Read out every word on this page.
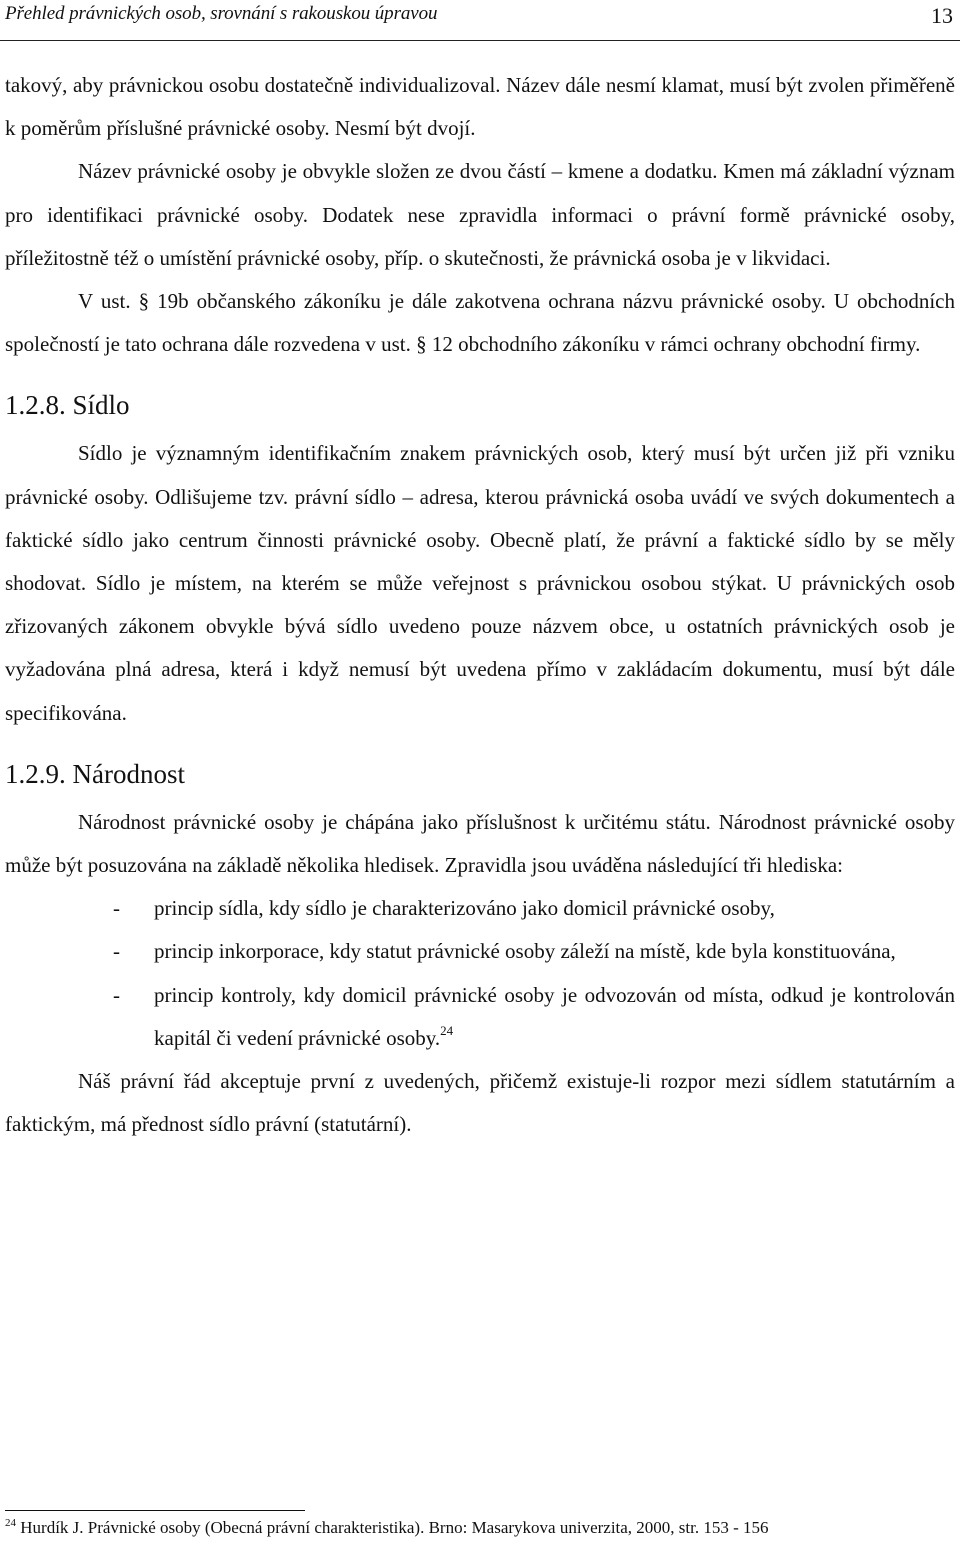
Přehled právnických osob, srovnání s rakouskou úpravou	13

takový, aby právnickou osobu dostatečně individualizoval. Název dále nesmí klamat, musí být zvolen přiměřeně k poměrům příslušné právnické osoby. Nesmí být dvojí.

Název právnické osoby je obvykle složen ze dvou částí – kmene a dodatku. Kmen má základní význam pro identifikaci právnické osoby. Dodatek nese zpravidla informaci o právní formě právnické osoby, příležitostně též o umístění právnické osoby, příp. o skutečnosti, že právnická osoba je v likvidaci.

V ust. § 19b občanského zákoníku je dále zakotvena ochrana názvu právnické osoby. U obchodních společností je tato ochrana dále rozvedena v ust. § 12 obchodního zákoníku v rámci ochrany obchodní firmy.

1.2.8. Sídlo

Sídlo je významným identifikačním znakem právnických osob, který musí být určen již při vzniku právnické osoby. Odlišujeme tzv. právní sídlo – adresa, kterou právnická osoba uvádí ve svých dokumentech a faktické sídlo jako centrum činnosti právnické osoby. Obecně platí, že právní a faktické sídlo by se měly shodovat. Sídlo je místem, na kterém se může veřejnost s právnickou osobou stýkat. U právnických osob zřizovaných zákonem obvykle bývá sídlo uvedeno pouze názvem obce, u ostatních právnických osob je vyžadována plná adresa, která i když nemusí být uvedena přímo v zakládacím dokumentu, musí být dále specifikována.

1.2.9. Národnost

Národnost právnické osoby je chápána jako příslušnost k určitému státu. Národnost právnické osoby může být posuzována na základě několika hledisek. Zpravidla jsou uváděna následující tři hlediska:

- princip sídla, kdy sídlo je charakterizováno jako domicil právnické osoby,
- princip inkorporace, kdy statut právnické osoby záleží na místě, kde byla konstituována,
- princip kontroly, kdy domicil právnické osoby je odvozován od místa, odkud je kontrolován kapitál či vedení právnické osoby.$^{24}$

Náš právní řád akceptuje první z uvedených, přičemž existuje-li rozpor mezi sídlem statutárním a faktickým, má přednost sídlo právní (statutární).

$^{24}$ Hurdík J. Právnické osoby (Obecná právní charakteristika). Brno: Masarykova univerzita, 2000, str. 153 - 156
